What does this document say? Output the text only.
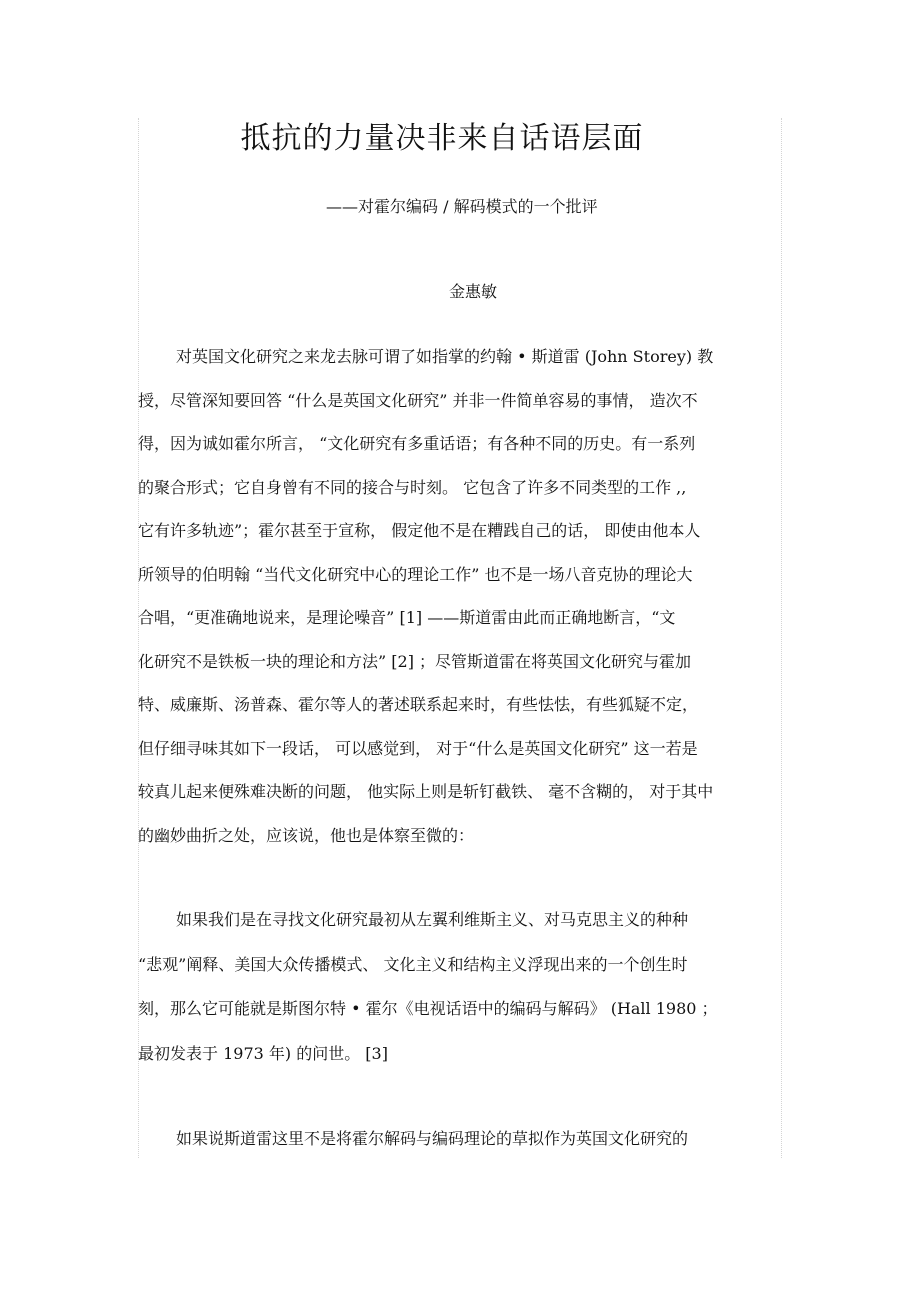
抵抗的力量决非来自话语层面
——对霍尔编码 / 解码模式的一个批评
金惠敏
对英国文化研究之来龙去脉可谓了如指掌的约翰 • 斯道雷 (John Storey) 教
授，尽管深知要回答 “什么是英国文化研究” 并非一件简单容易的事情， 造次不
得，因为诚如霍尔所言， “文化研究有多重话语；有各种不同的历史。有一系列
的聚合形式；它自身曾有不同的接合与时刻。 它包含了许多不同类型的工作 ,,
它有许多轨迹”；霍尔甚至于宣称， 假定他不是在糟践自己的话， 即使由他本人
所领导的伯明翰 “当代文化研究中心的理论工作” 也不是一场八音克协的理论大
合唱，“更准确地说来，是理论噪音” [1] ——斯道雷由此而正确地断言，“文
化研究不是铁板一块的理论和方法” [2] ；尽管斯道雷在将英国文化研究与霍加
特、威廉斯、汤普森、霍尔等人的著述联系起来时，有些怯怯，有些狐疑不定，
但仔细寻味其如下一段话， 可以感觉到， 对于“什么是英国文化研究” 这一若是
较真儿起来便殊难决断的问题， 他实际上则是斩钉截铁、 毫不含糊的， 对于其中
的幽妙曲折之处，应该说，他也是体察至微的：
如果我们是在寻找文化研究最初从左翼利维斯主义、对马克思主义的种种
“悲观”阐释、美国大众传播模式、 文化主义和结构主义浮现出来的一个创生时
刻，那么它可能就是斯图尔特 • 霍尔《电视话语中的编码与解码》 (Hall 1980 ；
最初发表于 1973 年) 的问世。 [3]
如果说斯道雷这里不是将霍尔解码与编码理论的草拟作为英国文化研究的
